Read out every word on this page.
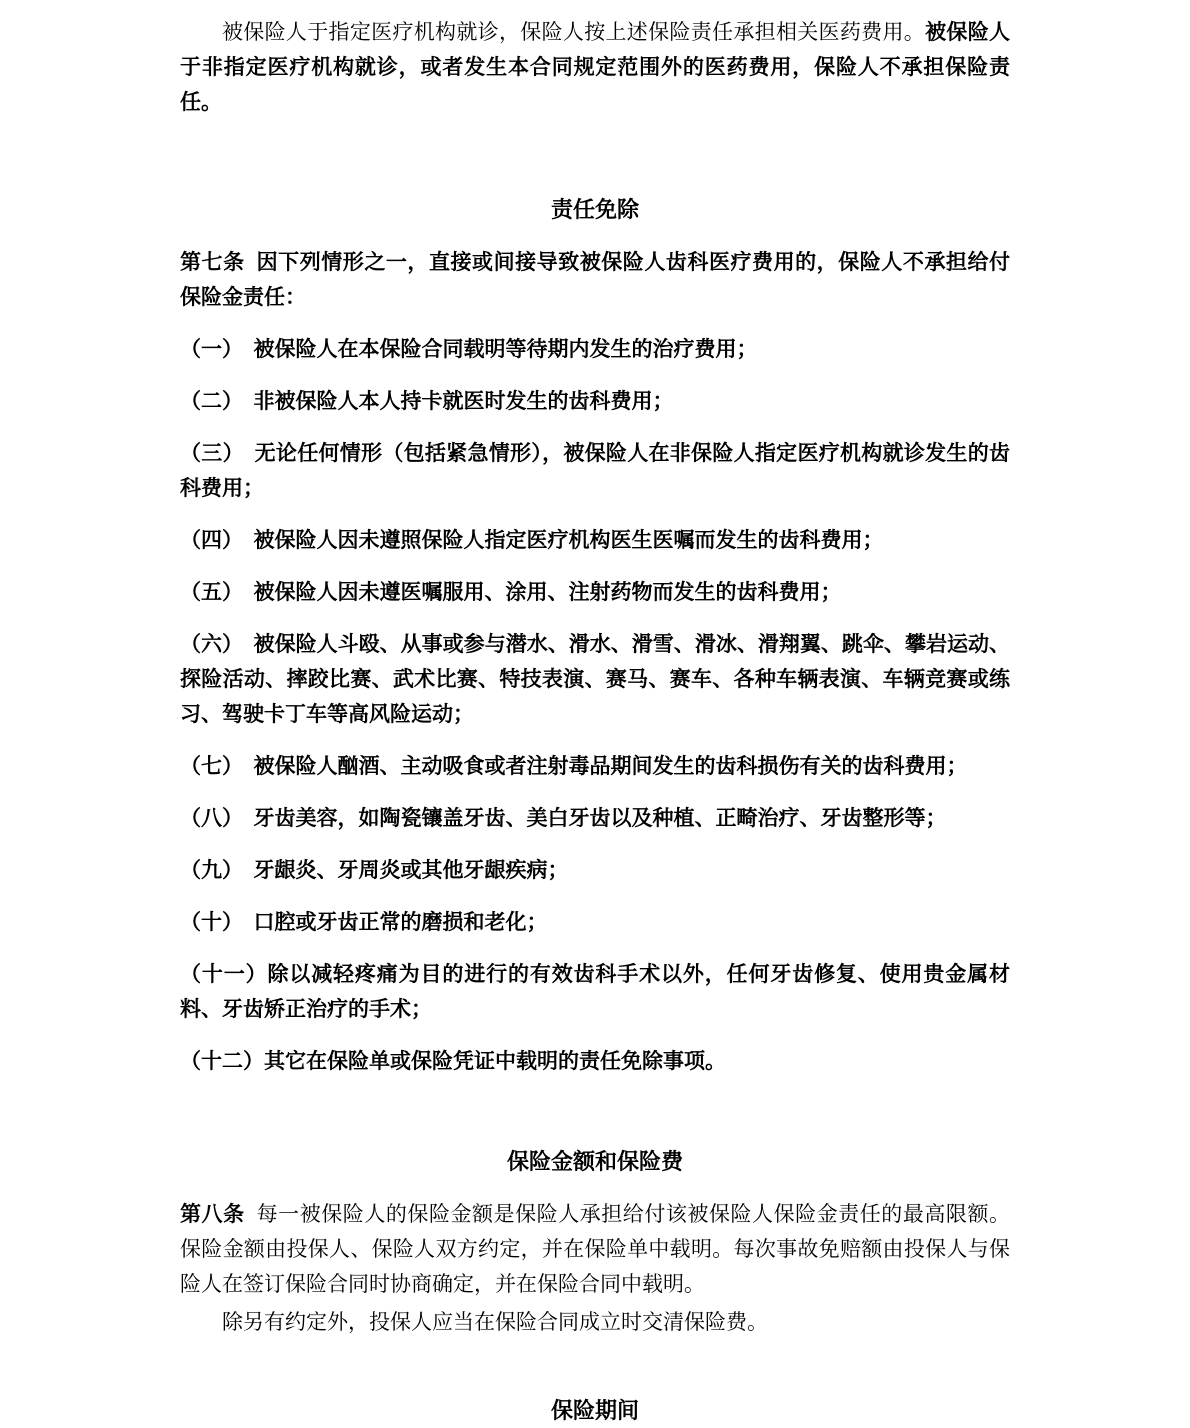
被保险人于指定医疗机构就诊，保险人按上述保险责任承担相关医药费用。被保险人于非指定医疗机构就诊，或者发生本合同规定范围外的医药费用，保险人不承担保险责任。

责任免除

第七条 因下列情形之一，直接或间接导致被保险人齿科医疗费用的，保险人不承担给付保险金责任：

（一）　被保险人在本保险合同载明等待期内发生的治疗费用；

（二）　非被保险人本人持卡就医时发生的齿科费用；

（三）　无论任何情形（包括紧急情形），被保险人在非保险人指定医疗机构就诊发生的齿科费用；

（四）　被保险人因未遵照保险人指定医疗机构医生医嘱而发生的齿科费用；

（五）　被保险人因未遵医嘱服用、涂用、注射药物而发生的齿科费用；

（六）　被保险人斗殴、从事或参与潜水、滑水、滑雪、滑冰、滑翔翼、跳伞、攀岩运动、探险活动、摔跤比赛、武术比赛、特技表演、赛马、赛车、各种车辆表演、车辆竞赛或练习、驾驶卡丁车等高风险运动；

（七）　被保险人酗酒、主动吸食或者注射毒品期间发生的齿科损伤有关的齿科费用；

（八）　牙齿美容，如陶瓷镶盖牙齿、美白牙齿以及种植、正畸治疗、牙齿整形等；

（九）　牙龈炎、牙周炎或其他牙龈疾病；

（十）　口腔或牙齿正常的磨损和老化；

（十一）除以减轻疼痛为目的进行的有效齿科手术以外，任何牙齿修复、使用贵金属材料、牙齿矫正治疗的手术；

（十二）其它在保险单或保险凭证中载明的责任免除事项。

保险金额和保险费

第八条 每一被保险人的保险金额是保险人承担给付该被保险人保险金责任的最高限额。保险金额由投保人、保险人双方约定，并在保险单中载明。每次事故免赔额由投保人与保险人在签订保险合同时协商确定，并在保险合同中载明。

除另有约定外，投保人应当在保险合同成立时交清保险费。

保险期间
